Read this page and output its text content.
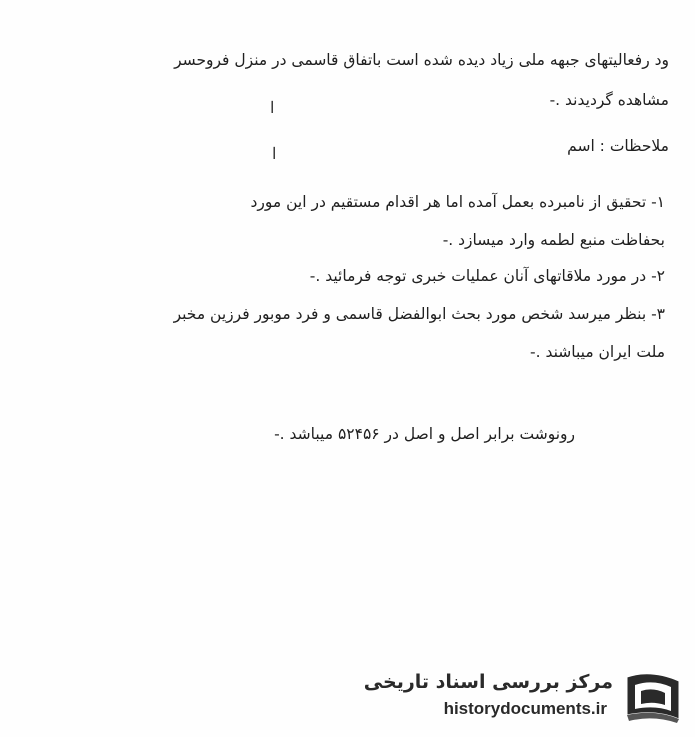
ود رفعالیتهای جبهه ملی زیاد دیده شده است باتفاق قاسمی در منزل فروحسر
مشاهده گردیدند .-
ا
ملاحظات : اسم
ا
۱- تحقیق از نامبرده بعمل آمده اما هر اقدام مستقیم در این مورد
بحفاظت منبع لطمه وارد میسازد .-
۲- در مورد ملاقاتهای آنان عملیات خبری توجه فرمائید .-
۳- بنظر میرسد شخص مورد بحث ابوالفضل قاسمی و فرد موبور فرزین مخبر
ملت ایران میباشند .-
رونوشت برابر اصل و اصل در ۵۲۴۵۶ میباشد .-
مرکز بررسی اسناد تاریخی
historydocuments.ir
